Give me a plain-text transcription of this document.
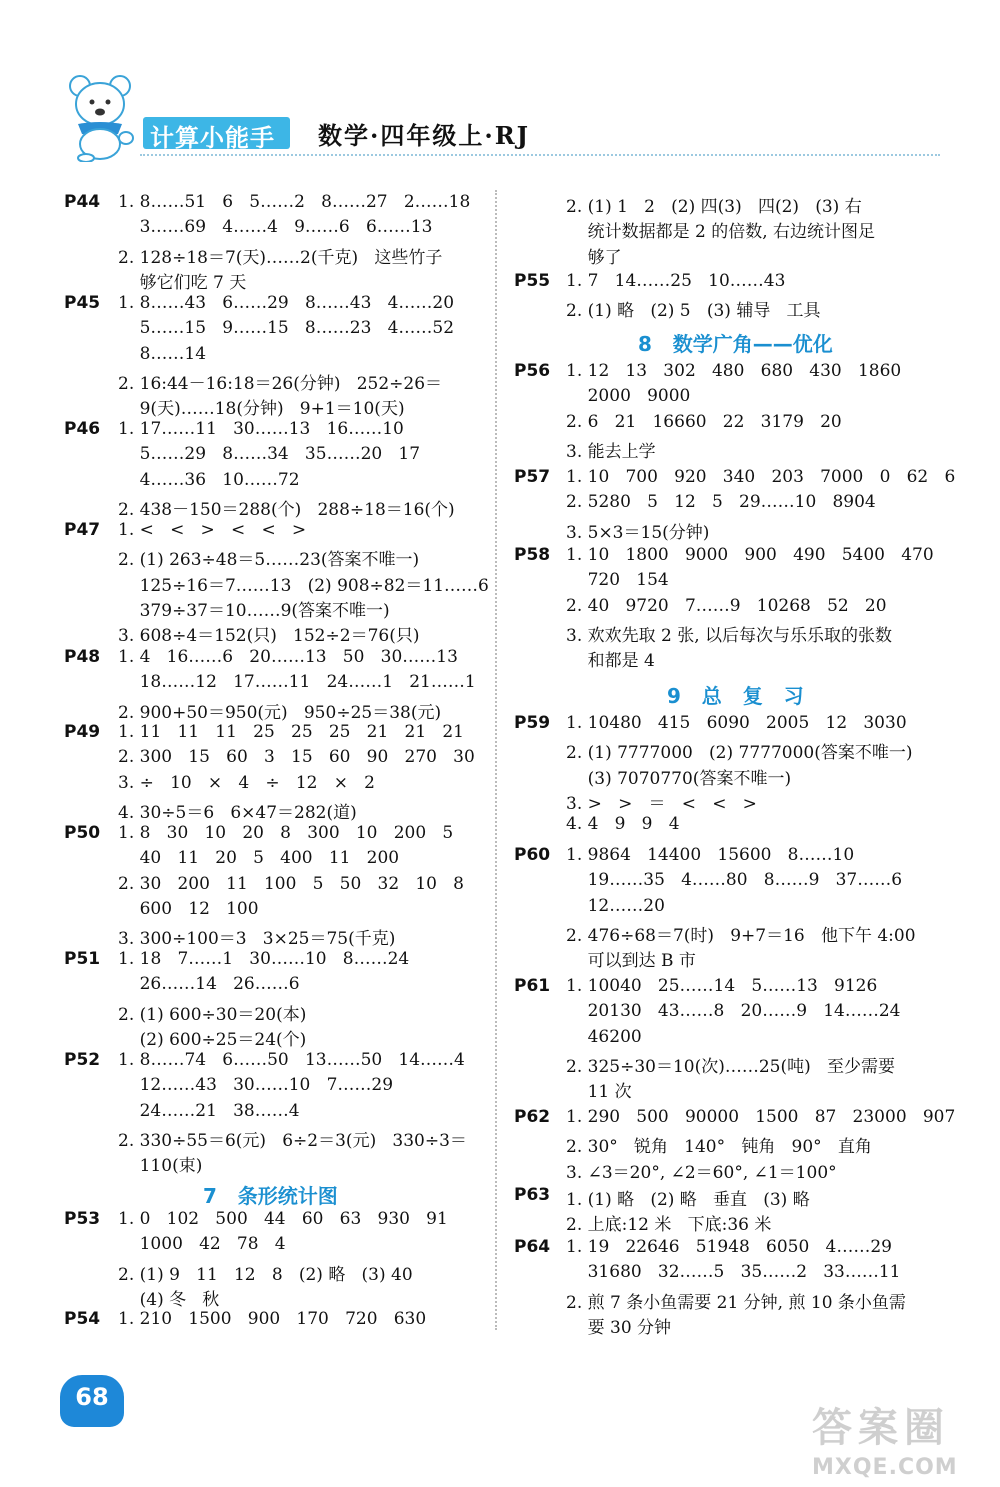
计算小能手 数学·四年级上·RJ
P44 1. 8……51   6   5……2   8……27   2……18
3……69   4……4   9……6   6……13
2. 128÷18＝7(天)……2(千克)   这些竹子
够它们吃 7 天
P45 1. 8……43   6……29   8……43   4……20
5……15   9……15   8……23   4……52
8……14
2. 16:44－16:18＝26(分钟)   252÷26＝
9(天)……18(分钟)   9+1＝10(天)
P46 1. 17……11   30……13   16……10
5……29   8……34   35……20   17
4……36   10……72
2. 438－150＝288(个)   288÷18＝16(个)
P47 1. <   <   >   <   <   >
2. (1) 263÷48＝5……23(答案不唯一)
125÷16＝7……13   (2) 908÷82＝11……6
379÷37＝10……9(答案不唯一)
3. 608÷4＝152(只)   152÷2＝76(只)
P48 1. 4   16……6   20……13   50   30……13
18……12   17……11   24……1   21……1
2. 900+50＝950(元)   950÷25＝38(元)
P49 1. 11   11   11   25   25   25   21   21   21
2. 300   15   60   3   15   60   90   270   30
3. ÷   10   ×   4   ÷   12   ×   2
4. 30÷5＝6   6×47＝282(道)
P50 1. 8   30   10   20   8   300   10   200   5
40   11   20   5   400   11   200
2. 30   200   11   100   5   50   32   10   8
600   12   100
3. 300÷100＝3   3×25＝75(千克)
P51 1. 18   7……1   30……10   8……24
26……14   26……6
2. (1) 600÷30＝20(本)
(2) 600÷25＝24(个)
P52 1. 8……74   6……50   13……50   14……4
12……43   30……10   7……29
24……21   38……4
2. 330÷55＝6(元)   6÷2＝3(元)   330÷3＝
110(束)
7   条形统计图
P53 1. 0   102   500   44   60   63   930   91
1000   42   78   4
2. (1) 9   11   12   8   (2) 略   (3) 40
(4) 冬   秋
P54 1. 210   1500   900   170   720   630
2. (1) 1   2   (2) 四(3)   四(2)   (3) 右
统计数据都是 2 的倍数, 右边统计图足
够了
P55 1. 7   14……25   10……43
2. (1) 略   (2) 5   (3) 辅导   工具
8   数学广角——优化
P56 1. 12   13   302   480   680   430   1860
2000   9000
2. 6   21   16660   22   3179   20
3. 能去上学
P57 1. 10   700   920   340   203   7000   0   62   6
2. 5280   5   12   5   29……10   8904
3. 5×3＝15(分钟)
P58 1. 10   1800   9000   900   490   5400   470
720   154
2. 40   9720   7……9   10268   52   20
3. 欢欢先取 2 张, 以后每次与乐乐取的张数
和都是 4
9   总   复   习
P59 1. 10480   415   6090   2005   12   3030
2. (1) 7777000   (2) 7777000(答案不唯一)
(3) 7070770(答案不唯一)
3. >   >   ＝   <   <   >
4. 4   9   9   4
P60 1. 9864   14400   15600   8……10
19……35   4……80   8……9   37……6
12……20
2. 476÷68＝7(时)   9+7＝16   他下午 4:00
可以到达 B 市
P61 1. 10040   25……14   5……13   9126
20130   43……8   20……9   14……24
46200
2. 325÷30＝10(次)……25(吨)   至少需要
11 次
P62 1. 290   500   90000   1500   87   23000   907
2. 30°   锐角   140°   钝角   90°   直角
3. ∠3＝20°, ∠2＝60°, ∠1＝100°
P63 1. (1) 略   (2) 略   垂直   (3) 略
2. 上底:12 米   下底:36 米
P64 1. 19   22646   51948   6050   4……29
31680   32……5   35……2   33……11
2. 煎 7 条小鱼需要 21 分钟, 煎 10 条小鱼需
要 30 分钟
68
答案圈
MXQE.COM
